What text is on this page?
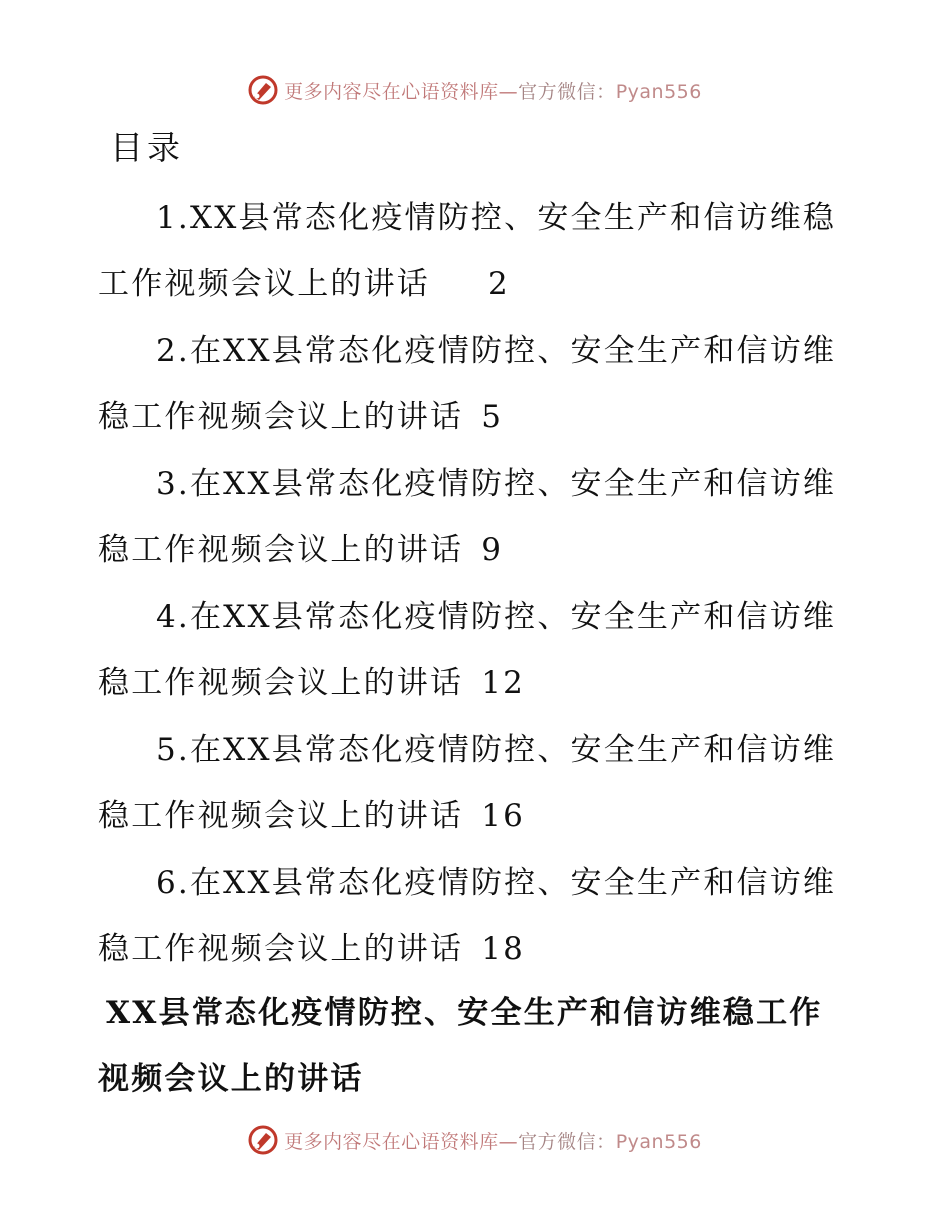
更多内容尽在心语资料库—官方微信：Pyan556
目录
1.XX县常态化疫情防控、安全生产和信访维稳
工作视频会议上的讲话 2
2.在XX县常态化疫情防控、安全生产和信访维
稳工作视频会议上的讲话 5
3.在XX县常态化疫情防控、安全生产和信访维
稳工作视频会议上的讲话 9
4.在XX县常态化疫情防控、安全生产和信访维
稳工作视频会议上的讲话 12
5.在XX县常态化疫情防控、安全生产和信访维
稳工作视频会议上的讲话 16
6.在XX县常态化疫情防控、安全生产和信访维
稳工作视频会议上的讲话 18
XX县常态化疫情防控、安全生产和信访维稳工作
视频会议上的讲话
更多内容尽在心语资料库—官方微信：Pyan556
